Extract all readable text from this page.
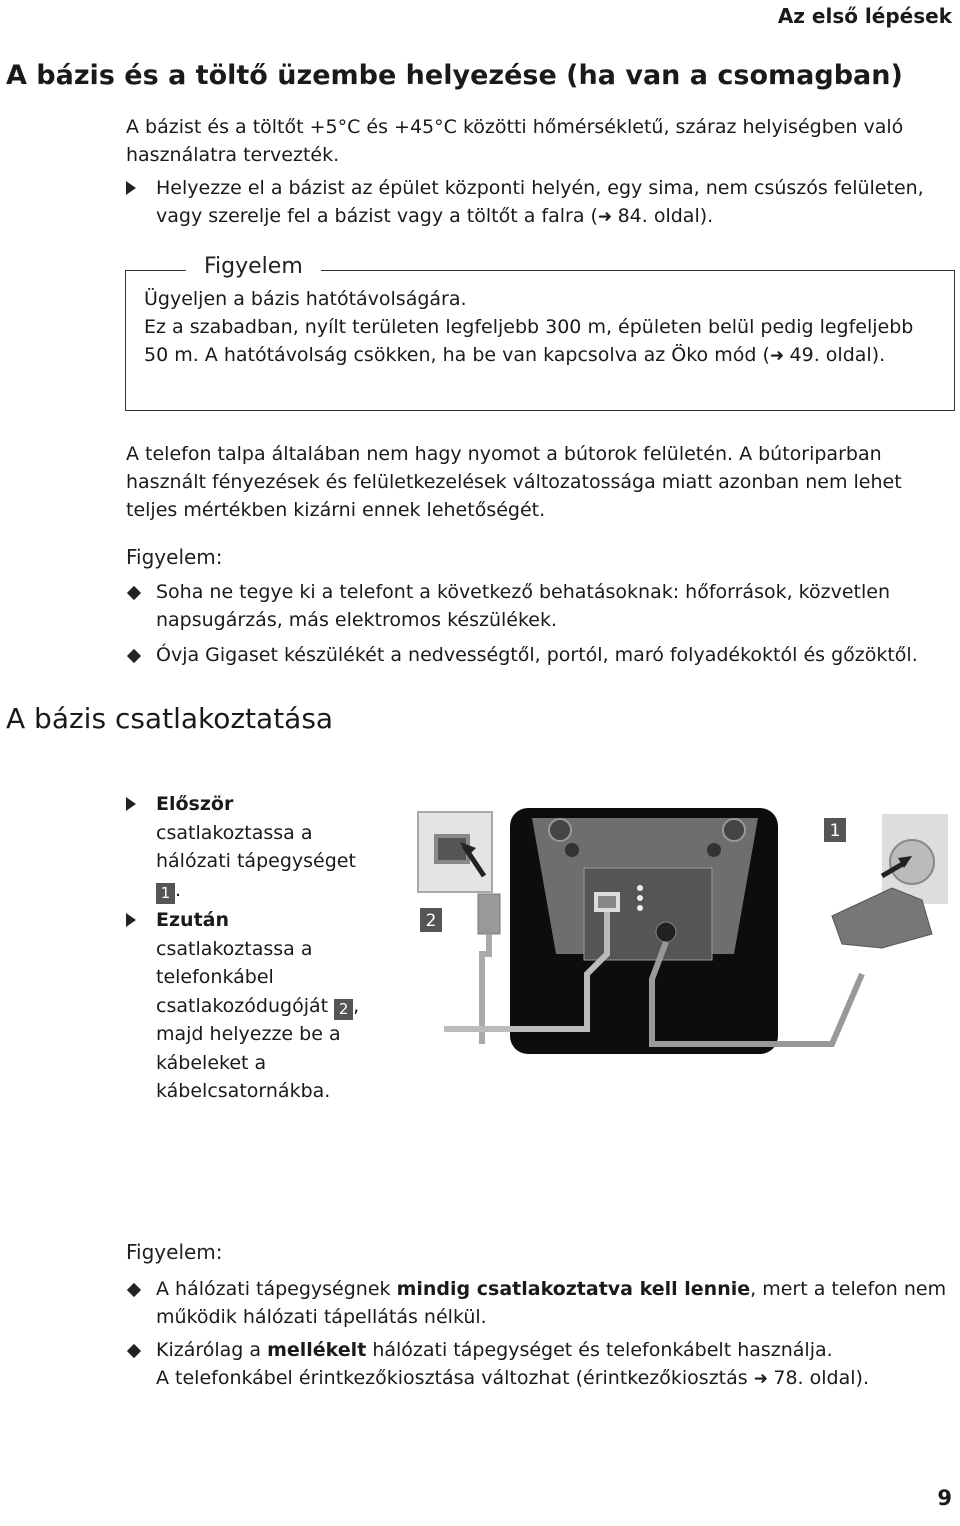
Az első lépések
A bázis és a töltő üzembe helyezése (ha van a csomagban)
A bázist és a töltőt +5°C és +45°C közötti hőmérsékletű, száraz helyiségben való használatra tervezték.
Helyezze el a bázist az épület központi helyén, egy sima, nem csúszós felületen, vagy szerelje fel a bázist vagy a töltőt a falra (➜ 84. oldal).
Figyelem
Ügyeljen a bázis hatótávolságára.
Ez a szabadban, nyílt területen legfeljebb 300 m, épületen belül pedig legfeljebb 50 m. A hatótávolság csökken, ha be van kapcsolva az Öko mód (➜ 49. oldal).
A telefon talpa általában nem hagy nyomot a bútorok felületén. A bútoriparban használt fényezések és felületkezelések változatossága miatt azonban nem lehet teljes mértékben kizárni ennek lehetőségét.
Figyelem:
Soha ne tegye ki a telefont a következő behatásoknak: hőforrások, közvetlen napsugárzás, más elektromos készülékek.
Óvja Gigaset készülékét a nedvességtől, portól, maró folyadékoktól és gőzöktől.
A bázis csatlakoztatása
Először
csatlakoztassa a hálózati tápegységet 1 .
Ezután
csatlakoztassa a telefonkábel csatlakozódugóját 2 , majd helyezze be a kábeleket a kábelcsatornákba.
2
1
Figyelem:
A hálózati tápegységnek mindig csatlakoztatva kell lennie, mert a telefon nem működik hálózati tápellátás nélkül.
Kizárólag a mellékelt hálózati tápegységet és telefonkábelt használja.
A telefonkábel érintkezőkiosztása változhat (érintkezőkiosztás ➜ 78. oldal).
9
